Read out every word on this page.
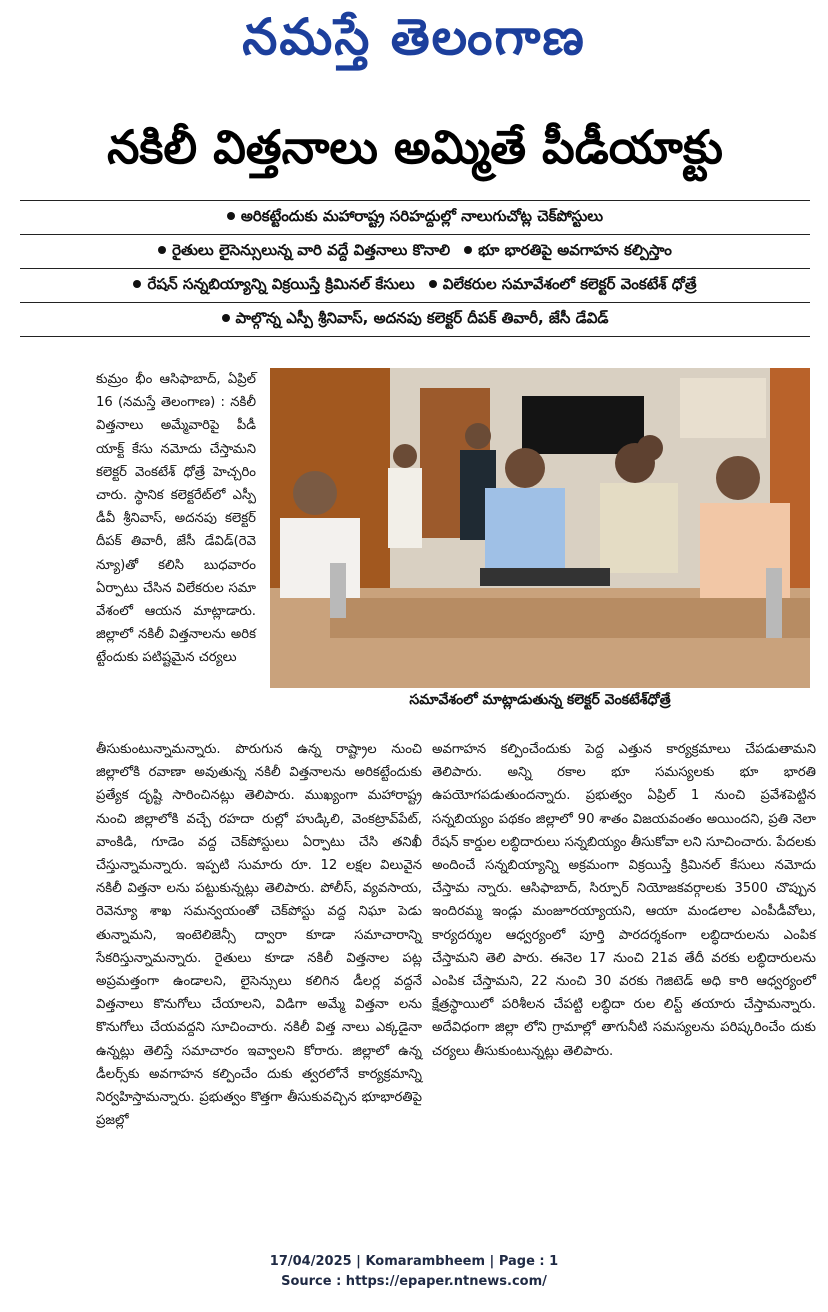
నమస్తే తెలంగాణ
నకిలీ విత్తనాలు అమ్మితే పీడీయాక్టు
అరికట్టేందుకు మహారాష్ట్ర సరిహద్దుల్లో నాలుగుచోట్ల చెక్‌పోస్టులు
రైతులు లైసెన్సులున్న వారి వద్దే విత్తనాలు కొనాలి	భూ భారతిపై అవగాహన కల్పిస్తాం
రేషన్ సన్నబియ్యాన్ని విక్రయిస్తే క్రిమినల్ కేసులు	విలేకరుల సమావేశంలో కలెక్టర్ వెంకటేశ్ ధోత్రే
పాల్గొన్న ఎస్పీ శ్రీనివాస్, అదనపు కలెక్టర్ దీపక్ తివారీ, జేసీ డేవిడ్

కుమ్రం భీం ఆసిఫాబాద్, ఏప్రిల్ 16 (నమస్తే తెలంగాణ) : నకిలీ విత్తనాలు అమ్మేవారిపై పీడీ యాక్ట్ కేసు నమోదు చేస్తామని కలెక్టర్ వెంకటేశ్ ధోత్రే హెచ్చరిం చారు. స్థానిక కలెక్టరేట్‌లో ఎస్పీ డీవీ శ్రీనివాస్, అదనపు కలెక్టర్ దీపక్ తివారీ, జేసీ డేవిడ్(రెవె న్యూ)తో కలిసి బుధవారం ఏర్పాటు చేసిన విలేకరుల సమా వేశంలో ఆయన మాట్లాడారు. జిల్లాలో నకిలీ విత్తనాలను అరిక ట్టేందుకు పటిష్టమైన చర్యలు

సమావేశంలో మాట్లాడుతున్న కలెక్టర్ వెంకటేశ్‌ధోత్రే

తీసుకుంటున్నామన్నారు. పొరుగున ఉన్న రాష్ట్రాల నుంచి జిల్లాలోకి రవాణా అవుతున్న నకిలీ విత్తనాలను అరికట్టేందుకు ప్రత్యేక దృష్టి సారించినట్లు తెలిపారు. ముఖ్యంగా మహారాష్ట్ర నుంచి జిల్లాలోకి వచ్చే రహదా రుల్లో హుడ్కిలి, వెంకట్రావ్‌పేట్, వాంకిడి, గూడెం వద్ద చెక్‌పోస్టులు ఏర్పాటు చేసి తనిఖీ చేస్తున్నామన్నారు. ఇప్పటి సుమారు రూ. 12 లక్షల విలువైన నకిలీ విత్తనా లను పట్టుకున్నట్లు తెలిపారు. పోలీస్, వ్యవసాయ, రెవెన్యూ శాఖ సమన్వయంతో చెక్‌పోస్టు వద్ద నిఘా పెడు తున్నామని, ఇంటెలిజెన్సీ ద్వారా కూడా సమాచారాన్ని సేకరిస్తున్నామన్నారు. రైతులు కూడా నకిలీ విత్తనాల పట్ల అప్రమత్తంగా ఉండాలని, లైసెన్సులు కలిగిన డీలర్ల వద్దనే విత్తనాలు కొనుగోలు చేయాలని, విడిగా అమ్మే విత్తనా లను కొనుగోలు చేయవద్దని సూచించారు. నకిలీ విత్త నాలు ఎక్కడైనా ఉన్నట్లు తెలిస్తే సమాచారం ఇవ్వాలని కోరారు. జిల్లాలో ఉన్న డీలర్స్‌కు అవగాహన కల్పించేం దుకు త్వరలోనే కార్యక్రమాన్ని నిర్వహిస్తామన్నారు. ప్రభుత్వం కొత్తగా తీసుకువచ్చిన భూభారతిపై ప్రజల్లో

అవగాహన కల్పించేందుకు పెద్ద ఎత్తున కార్యక్రమాలు చేపడుతామని తెలిపారు. అన్ని రకాల భూ సమస్యలకు భూ భారతి ఉపయోగపడుతుందన్నారు. ప్రభుత్వం ఏప్రిల్ 1 నుంచి ప్రవేశపెట్టిన సన్నబియ్యం పథకం జిల్లాలో 90 శాతం విజయవంతం అయిందని, ప్రతి నెలా రేషన్ కార్డుల లబ్ధిదారులు సన్నబియ్యం తీసుకోవా లని సూచించారు. పేదలకు అందించే సన్నబియ్యాన్ని అక్రమంగా విక్రయిస్తే క్రిమినల్ కేసులు నమోదు చేస్తామ న్నారు. ఆసిఫాబాద్, సిర్పూర్ నియోజకవర్గాలకు 3500 చొప్పున ఇందిరమ్మ ఇండ్లు మంజూరయ్యాయని, ఆయా మండలాల ఎంపీడీవోలు, కార్యదర్శుల ఆధ్వర్యంలో పూర్తి పారదర్శకంగా లబ్ధిదారులను ఎంపిక చేస్తామని తెలి పారు. ఈనెల 17 నుంచి 21వ తేదీ వరకు లబ్ధిదారులను ఎంపిక చేస్తామని, 22 నుంచి 30 వరకు గెజిటెడ్ అధి కారి ఆధ్వర్యంలో క్షేత్రస్థాయిలో పరిశీలన చేపట్టి లబ్ధిదా రుల లిస్ట్ తయారు చేస్తామన్నారు. అదేవిధంగా జిల్లా లోని గ్రామాల్లో తాగునీటి సమస్యలను పరిష్కరించేం దుకు చర్యలు తీసుకుంటున్నట్లు తెలిపారు.

17/04/2025 | Komarambheem | Page : 1
Source : https://epaper.ntnews.com/
